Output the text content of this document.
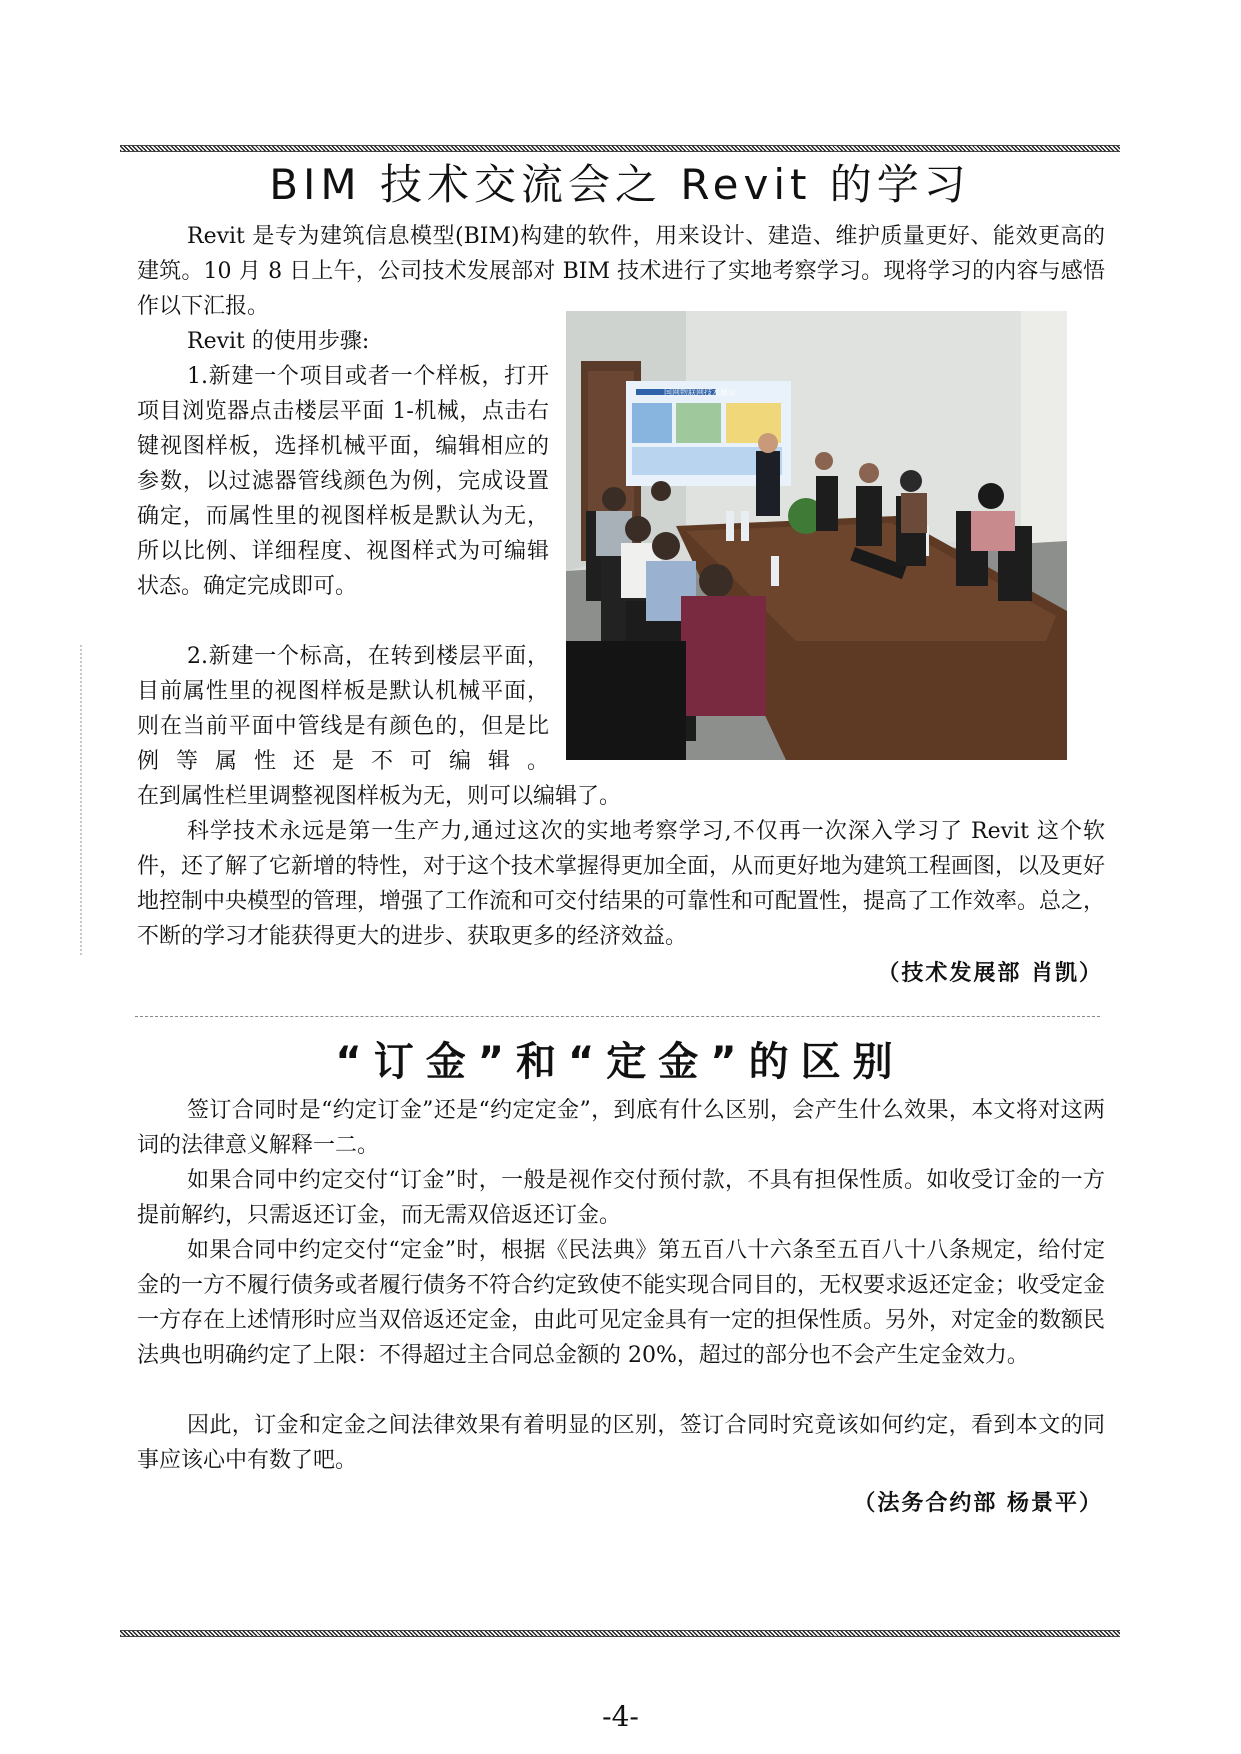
BIM 技术交流会之 Revit 的学习

Revit 是专为建筑信息模型(BIM)构建的软件，用来设计、建造、维护质量更好、能效更高的建筑。10 月 8 日上午，公司技术发展部对 BIM 技术进行了实地考察学习。现将学习的内容与感悟作以下汇报。

Revit 的使用步骤:

1.新建一个项目或者一个样板，打开项目浏览器点击楼层平面 1-机械，点击右键视图样板，选择机械平面，编辑相应的参数，以过滤器管线颜色为例，完成设置确定，而属性里的视图样板是默认为无，所以比例、详细程度、视图样式为可编辑状态。确定完成即可。

2.新建一个标高，在转到楼层平面，目前属性里的视图样板是默认机械平面，则在当前平面中管线是有颜色的，但是比例等属性还是不可编辑。

在到属性栏里调整视图样板为无，则可以编辑了。

科学技术永远是第一生产力,通过这次的实地考察学习,不仅再一次深入学习了 Revit 这个软件，还了解了它新增的特性，对于这个技术掌握得更加全面，从而更好地为建筑工程画图，以及更好地控制中央模型的管理，增强了工作流和可交付结果的可靠性和可配置性，提高了工作效率。总之，不断的学习才能获得更大的进步、获取更多的经济效益。

（技术发展部 肖凯）
国网物联网技术展示
“订金”和“定金”的区别

签订合同时是“约定订金”还是“约定定金”，到底有什么区别，会产生什么效果，本文将对这两词的法律意义解释一二。

如果合同中约定交付“订金”时，一般是视作交付预付款，不具有担保性质。如收受订金的一方提前解约，只需返还订金，而无需双倍返还订金。

如果合同中约定交付“定金”时，根据《民法典》第五百八十六条至五百八十八条规定，给付定金的一方不履行债务或者履行债务不符合约定致使不能实现合同目的，无权要求返还定金；收受定金一方存在上述情形时应当双倍返还定金，由此可见定金具有一定的担保性质。另外，对定金的数额民法典也明确约定了上限：不得超过主合同总金额的 20%，超过的部分也不会产生定金效力。

因此，订金和定金之间法律效果有着明显的区别，签订合同时究竟该如何约定，看到本文的同事应该心中有数了吧。

（法务合约部 杨景平）
-4-
